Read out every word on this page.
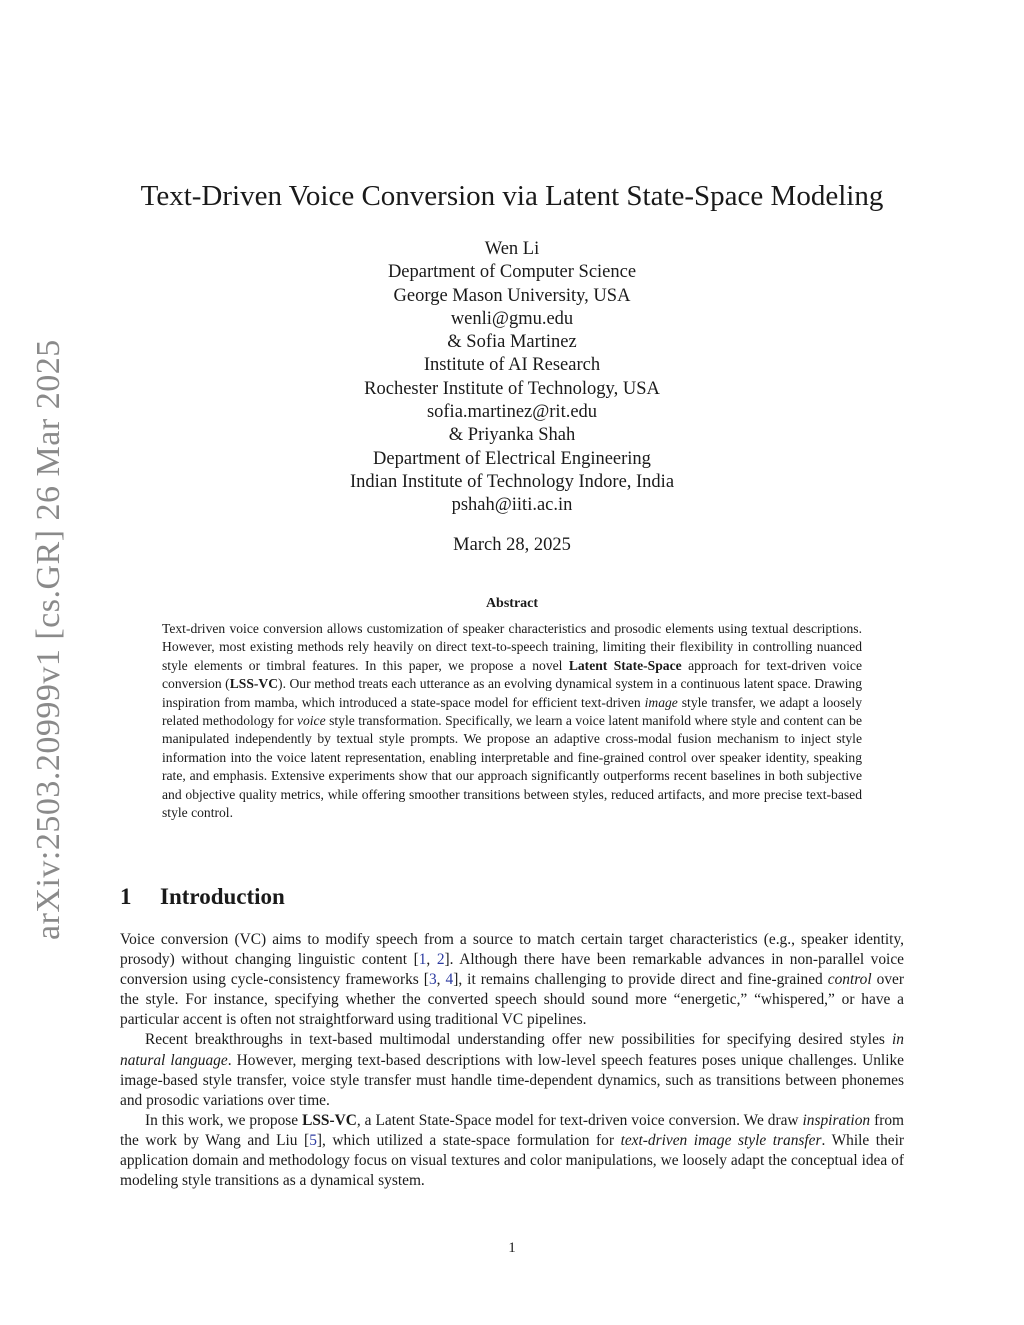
arXiv:2503.20999v1 [cs.GR] 26 Mar 2025
Text-Driven Voice Conversion via Latent State-Space Modeling
Wen Li
Department of Computer Science
George Mason University, USA
wenli@gmu.edu
& Sofia Martinez
Institute of AI Research
Rochester Institute of Technology, USA
sofia.martinez@rit.edu
& Priyanka Shah
Department of Electrical Engineering
Indian Institute of Technology Indore, India
pshah@iiti.ac.in
March 28, 2025
Abstract
Text-driven voice conversion allows customization of speaker characteristics and prosodic elements using textual descriptions. However, most existing methods rely heavily on direct text-to-speech training, limiting their flexibility in controlling nuanced style elements or timbral features. In this paper, we propose a novel Latent State-Space approach for text-driven voice conversion (LSS-VC). Our method treats each utterance as an evolving dynamical system in a continuous latent space. Drawing inspiration from mamba, which introduced a state-space model for efficient text-driven image style transfer, we adapt a loosely related methodology for voice style transformation. Specifically, we learn a voice latent manifold where style and content can be manipulated independently by textual style prompts. We propose an adaptive cross-modal fusion mechanism to inject style information into the voice latent representation, enabling interpretable and fine-grained control over speaker identity, speaking rate, and emphasis. Extensive experiments show that our approach significantly outperforms recent baselines in both subjective and objective quality metrics, while offering smoother transitions between styles, reduced artifacts, and more precise text-based style control.
1 Introduction

Voice conversion (VC) aims to modify speech from a source to match certain target characteristics (e.g., speaker identity, prosody) without changing linguistic content [1, 2]. Although there have been remarkable advances in non-parallel voice conversion using cycle-consistency frameworks [3, 4], it remains challenging to provide direct and fine-grained control over the style. For instance, specifying whether the converted speech should sound more “energetic,” “whispered,” or have a particular accent is often not straightforward using traditional VC pipelines.

Recent breakthroughs in text-based multimodal understanding offer new possibilities for specifying desired styles in natural language. However, merging text-based descriptions with low-level speech features poses unique challenges. Unlike image-based style transfer, voice style transfer must handle time-dependent dynamics, such as transitions between phonemes and prosodic variations over time.

In this work, we propose LSS-VC, a Latent State-Space model for text-driven voice conversion. We draw inspiration from the work by Wang and Liu [5], which utilized a state-space formulation for text-driven image style transfer. While their application domain and methodology focus on visual textures and color manipulations, we loosely adapt the conceptual idea of modeling style transitions as a dynamical system.

1
